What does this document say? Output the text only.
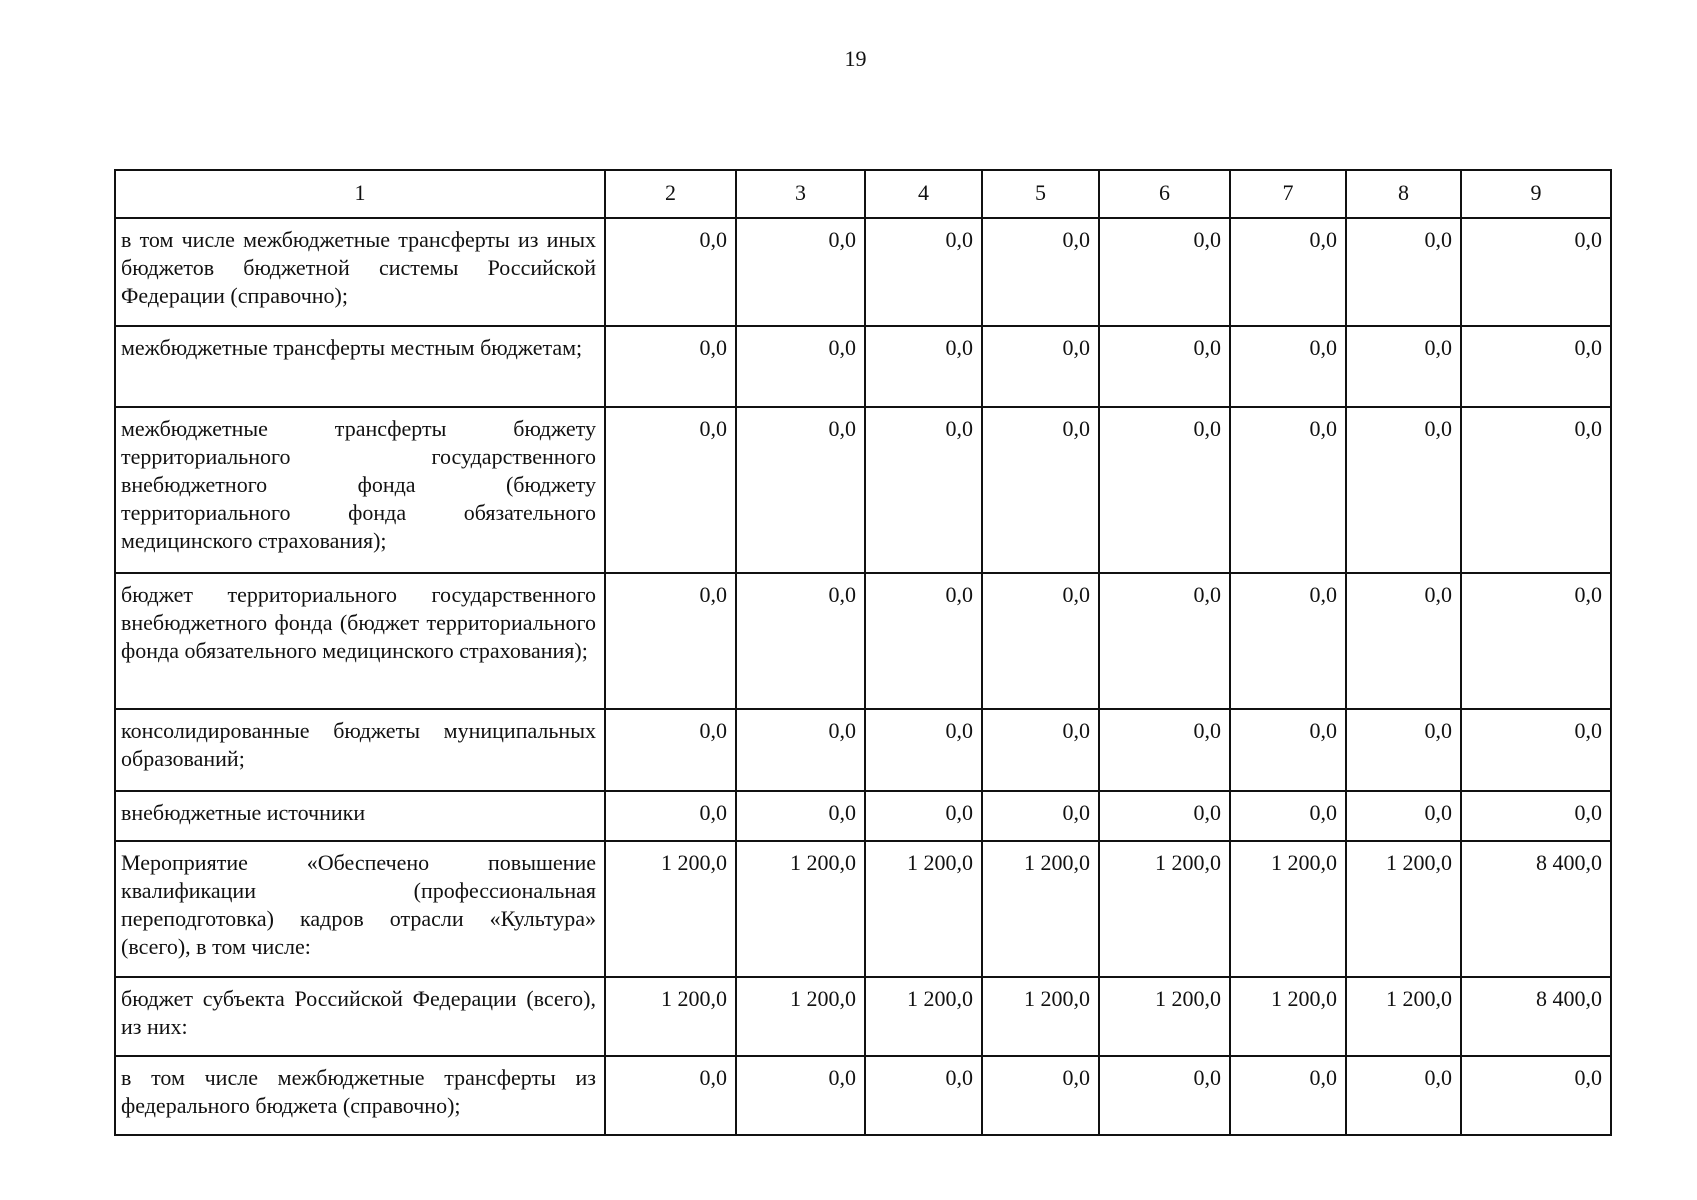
19
1	2	3	4	5	6	7	8	9
в том числе межбюджетные трансферты из иных бюджетов бюджетной системы Российской Федерации (справочно);	0,0	0,0	0,0	0,0	0,0	0,0	0,0	0,0
межбюджетные трансферты местным бюджетам;	0,0	0,0	0,0	0,0	0,0	0,0	0,0	0,0
межбюджетные трансферты бюджету территориального государственного внебюджетного фонда (бюджету территориального фонда обязательного медицинского страхования);	0,0	0,0	0,0	0,0	0,0	0,0	0,0	0,0
бюджет территориального государственного внебюджетного фонда (бюджет территориального фонда обязательного медицинского страхования);	0,0	0,0	0,0	0,0	0,0	0,0	0,0	0,0
консолидированные бюджеты муниципальных образований;	0,0	0,0	0,0	0,0	0,0	0,0	0,0	0,0
внебюджетные источники	0,0	0,0	0,0	0,0	0,0	0,0	0,0	0,0
Мероприятие «Обеспечено повышение квалификации (профессиональная переподготовка) кадров отрасли «Культура» (всего), в том числе:	1 200,0	1 200,0	1 200,0	1 200,0	1 200,0	1 200,0	1 200,0	8 400,0
бюджет субъекта Российской Федерации (всего), из них:	1 200,0	1 200,0	1 200,0	1 200,0	1 200,0	1 200,0	1 200,0	8 400,0
в том числе межбюджетные трансферты из федерального бюджета (справочно);	0,0	0,0	0,0	0,0	0,0	0,0	0,0	0,0
